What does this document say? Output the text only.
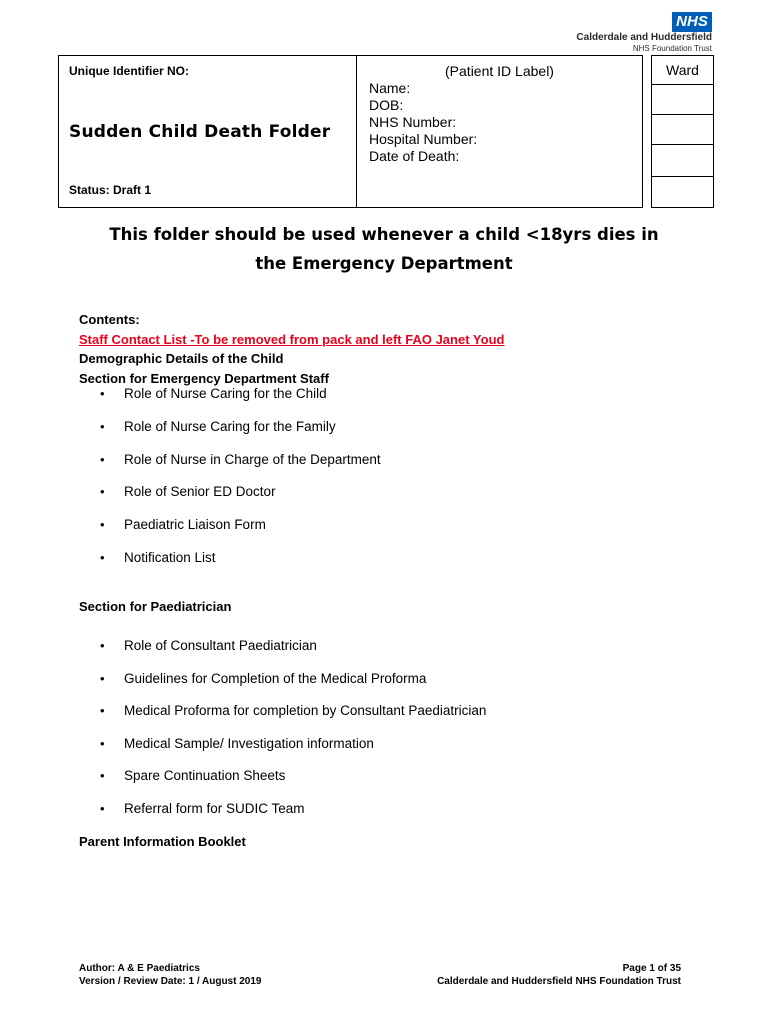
NHS
Calderdale and Huddersfield
NHS Foundation Trust
Unique Identifier NO:
Sudden Child Death Folder
Status: Draft 1
(Patient ID Label)
Name:
DOB:
NHS Number:
Hospital Number:
Date of Death:
Ward
This folder should be used whenever a child <18yrs dies in the Emergency Department
Contents:
Staff Contact List -To be removed from pack and left FAO Janet Youd
Demographic Details of the Child
Section for Emergency Department Staff
• Role of Nurse Caring for the Child
• Role of Nurse Caring for the Family
• Role of Nurse in Charge of the Department
• Role of Senior ED Doctor
• Paediatric Liaison Form
• Notification List
Section for Paediatrician
• Role of Consultant Paediatrician
• Guidelines for Completion of the Medical Proforma
• Medical Proforma for completion by Consultant Paediatrician
• Medical Sample/ Investigation information
• Spare Continuation Sheets
• Referral form for SUDIC Team
Parent Information Booklet
Author: A & E Paediatrics
Version / Review Date: 1 / August 2019
Page 1 of 35
Calderdale and Huddersfield NHS Foundation Trust
